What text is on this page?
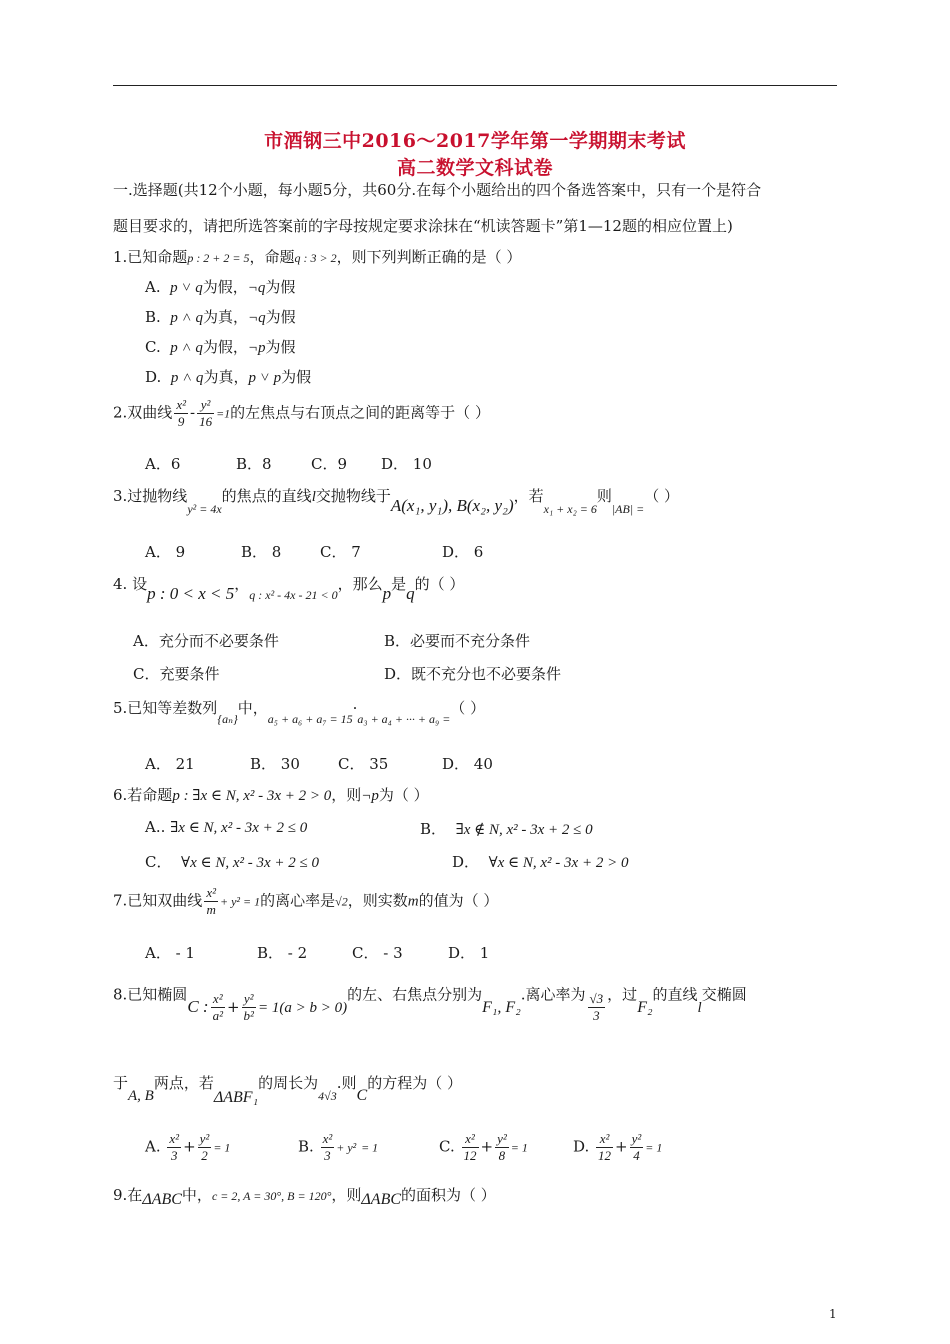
市酒钢三中2016～2017学年第一学期期末考试
高二数学文科试卷
一.选择题(共12个小题，每小题5分，共60分.在每个小题给出的四个备选答案中，只有一个是符合
题目要求的，请把所选答案前的字母按规定要求涂抹在“机读答题卡”第1—12题的相应位置上)
1.已知命题p : 2 + 2 = 5，命题q : 3 > 2，则下列判断正确的是（ ）
A. p ˅ q为假，¬q为假
B. p ˄ q为真，¬q为假
C. p ˄ q为假，¬p为假
D. p ˄ q为真，p ˅ p为假
2.双曲线 $\frac{\text{x²}}{9} - \frac{\text{y²}}{16} =1$的左焦点与右顶点之间的距离等于（ ）
A．6	B．8	C．9 D． 10
3.过抛物线$_{y^2 = 4x}$的焦点的直线l交抛物线于A(x₁, y₁), B(x₂, y₂)，若$_{x_1 + x_2 = 6}$则$_{|AB| =}$（ ）
A． 9	B． 8	C． 7	D． 6
4. 设p : 0 < x < 5，$_{q : x^2 - 4x - 21 < 0}$，那么p是q的（ ）
A．充分而不必要条件	B．必要而不充分条件
C．充要条件	D．既不充分也不必要条件
5.已知等差数列$_{\{a_n\}}$中，$_{a_5 + a_6 + a_7 = 15}\cdot_{a_3 + a_4 + \cdot\cdot\cdot + a_9 =}$（ ）
A． 21	B． 30	C． 35	D． 40
6.若命题p : ∃x ∈ N, x² - 3x + 2 > 0，则¬p为（ ）
A.. ∃x ∈ N, x² - 3x + 2 ≤ 0	B． ∃x ∉ N, x² - 3x + 2 ≤ 0
C． ∀x ∈ N, x² - 3x + 2 ≤ 0	D． ∀x ∈ N, x² - 3x + 2 > 0
7.已知双曲线 $\frac{\text{x²}}{m} + y^2 = 1$的离心率是√2，则实数m的值为（ ）
A． - 1	B． - 2	C． - 3	D． 1
8.已知椭圆C : $\frac{\text{x²}}{\text{a²}} + \frac{\text{y²}}{\text{b²}} = 1(a > b > 0)$的左、右焦点分别为F₁, F₂.离心率为 $\frac{√3}{3}$ ，过F₂的直线l交椭圆
于A, B两点，若ΔABF₁的周长为$_{4√3}$.则C的方程为（ ）
A. $\frac{\text{x²}}{3} + \frac{\text{y²}}{2} = 1$	B. $\frac{\text{x²}}{3} + y^2 = 1$	C. $\frac{\text{x²}}{12} + \frac{\text{y²}}{8} = 1$	D. $\frac{\text{x²}}{12} + \frac{\text{y²}}{4} = 1$
9.在ΔABC中，c = 2, A = 30°, B = 120°，则ΔABC的面积为（ ）
1
